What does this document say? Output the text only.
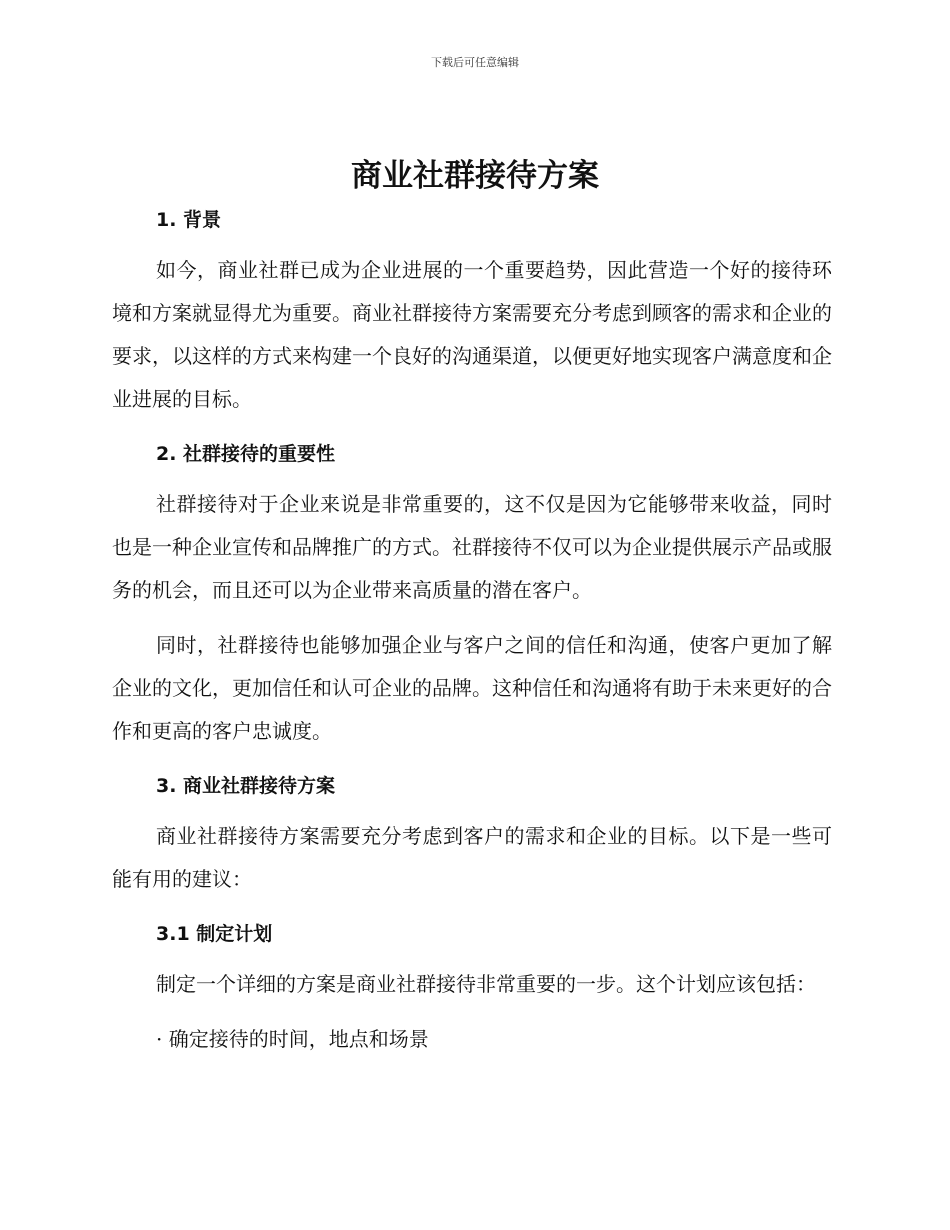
下载后可任意编辑
商业社群接待方案
1. 背景

如今，商业社群已成为企业进展的一个重要趋势，因此营造一个好的接待环境和方案就显得尤为重要。商业社群接待方案需要充分考虑到顾客的需求和企业的要求，以这样的方式来构建一个良好的沟通渠道，以便更好地实现客户满意度和企业进展的目标。

2. 社群接待的重要性

社群接待对于企业来说是非常重要的，这不仅是因为它能够带来收益，同时也是一种企业宣传和品牌推广的方式。社群接待不仅可以为企业提供展示产品或服务的机会，而且还可以为企业带来高质量的潜在客户。

同时，社群接待也能够加强企业与客户之间的信任和沟通，使客户更加了解企业的文化，更加信任和认可企业的品牌。这种信任和沟通将有助于未来更好的合作和更高的客户忠诚度。

3. 商业社群接待方案

商业社群接待方案需要充分考虑到客户的需求和企业的目标。以下是一些可能有用的建议：

3.1 制定计划

制定一个详细的方案是商业社群接待非常重要的一步。这个计划应该包括：

· 确定接待的时间，地点和场景
